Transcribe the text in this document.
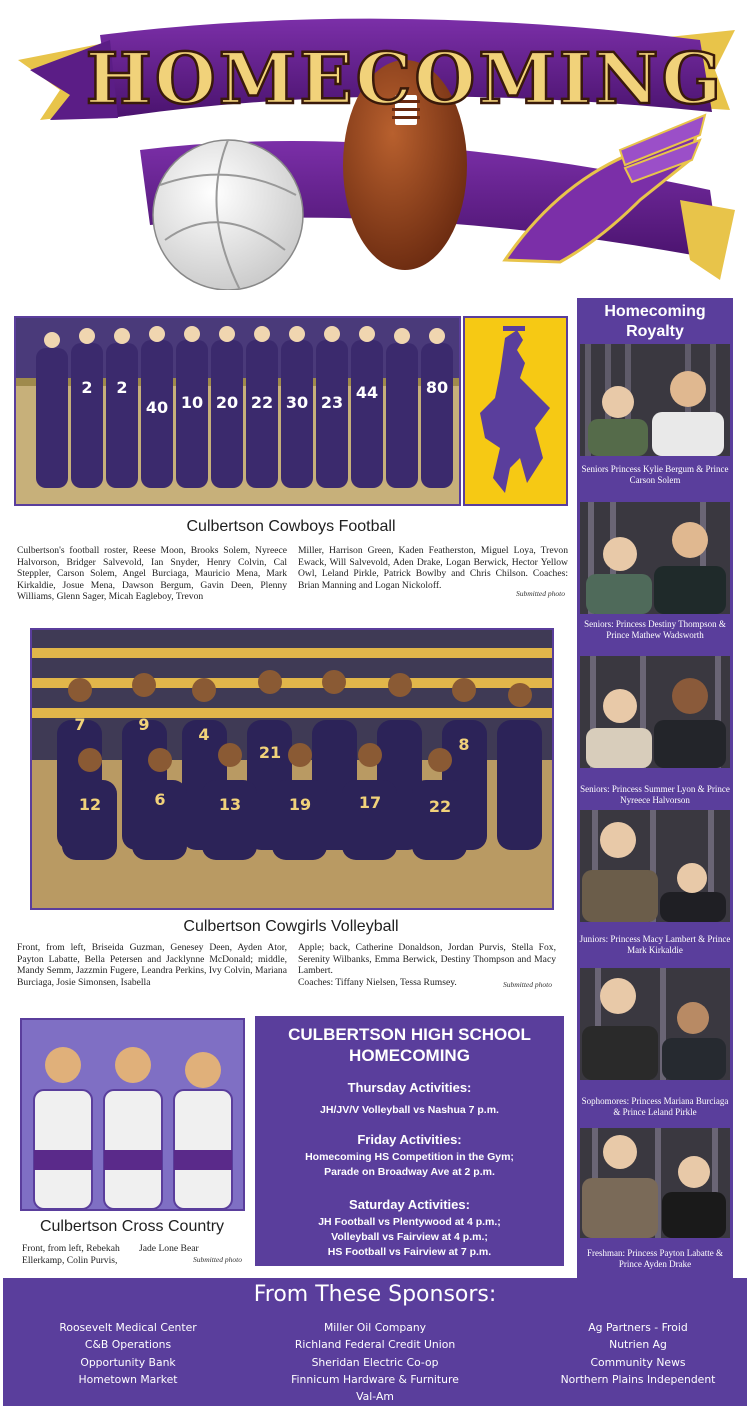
HOMECOMING
2 2
10 20 22 30 23
44	80
40
Culbertson Cowboys Football
Culbertson's football roster, Reese Moon, Brooks Solem, Nyreece Halvorson, Bridger Salvevold, Ian Snyder, Henry Colvin, Cal Steppler, Carson Solem, Angel Burciaga, Mauricio Mena, Mark Kirkaldie, Josue Mena, Dawson Bergum, Gavin Deen, Plenny Williams, Glenn Sager, Micah Eagleboy, Trevon
Miller, Harrison Green, Kaden Featherston, Miguel Loya, Trevon Ewack, Will Salvevold, Aden Drake, Logan Berwick, Hector Yellow Owl, Leland Pirkle, Patrick Bowlby and Chris Chilson. Coaches: Brian Manning and Logan Nickoloff.
Submitted photo
12	6	13	19	17	22
7	9
4
21	8
Culbertson Cowgirls Volleyball
Front, from left, Briseida Guzman, Genesey Deen, Ayden Ator, Payton Labatte, Bella Petersen and Jacklynne McDonald; middle, Mandy Semm, Jazzmin Fugere, Leandra Perkins, Ivy Colvin, Mariana Burciaga, Josie Simonsen, Isabella
Apple; back, Catherine Donaldson, Jordan Purvis, Stella Fox, Serenity Wilbanks, Emma Berwick, Destiny Thompson and Macy Lambert.
Coaches: Tiffany Nielsen, Tessa Rumsey.	Submitted photo
Culbertson Cross Country
Front, from left, Rebekah Ellerkamp, Colin Purvis,
Jade Lone Bear
Submitted photo
CULBERTSON HIGH SCHOOL HOMECOMING
Thursday Activities:
JH/JV/V Volleyball vs Nashua 7 p.m.
Friday Activities:
Homecoming HS Competition in the Gym;
Parade on Broadway Ave at 2 p.m.
Saturday Activities:
JH Football vs Plentywood at 4 p.m.;
Volleyball vs Fairview at 4 p.m.;
HS Football vs Fairview at 7 p.m.
Homecoming Royalty
Seniors Princess Kylie Bergum & Prince Carson Solem
Seniors: Princess Destiny Thompson & Prince Mathew Wadsworth
Seniors: Princess Summer Lyon & Prince Nyreece Halvorson
Juniors: Princess Macy Lambert & Prince Mark Kirkaldie
Sophomores: Princess Mariana Burciaga & Prince Leland Pirkle
Freshman: Princess Payton Labatte & Prince Ayden Drake
From These Sponsors:
Roosevelt Medical Center
C&B Operations
Opportunity Bank
Hometown Market
Miller Oil Company
Richland Federal Credit Union
Sheridan Electric Co-op
Finnicum Hardware & Furniture
Val-Am
Ag Partners - Froid
Nutrien Ag
Community News
Northern Plains Independent
